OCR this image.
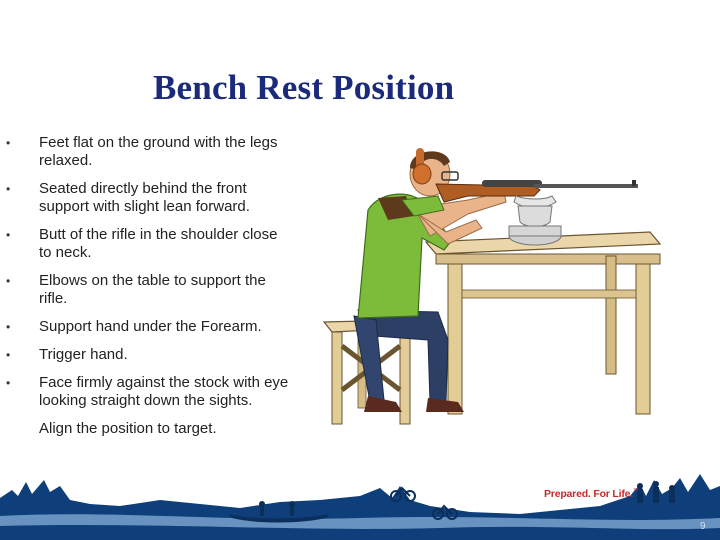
Bench Rest Position
• Feet flat on the ground with the legs relaxed.
• Seated directly behind the front support with slight lean forward.
• Butt of the rifle in the shoulder close to neck.
• Elbows on the table to support the rifle.
• Support hand under the Forearm.
• Trigger hand.
• Face firmly against the stock with eye looking straight down the sights.
Align the position to target.
Prepared. For Life.™
9
